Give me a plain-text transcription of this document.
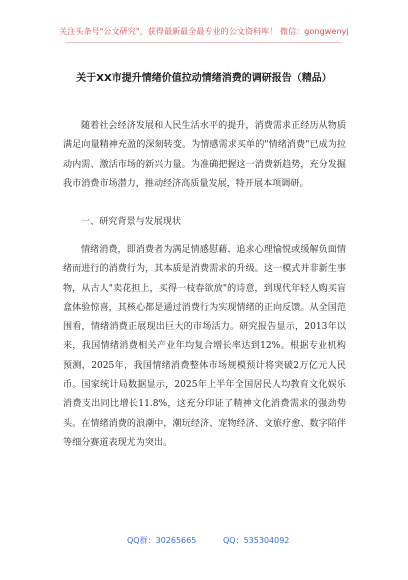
关注头条号"公文研究"，获得最新最全最专业的公文资料库！ 微信：gongwenyj
关于XX市提升情绪价值拉动情绪消费的调研报告（精品）

随着社会经济发展和人民生活水平的提升，消费需求正经历从物质满足向量精神充盈的深刻转变。为情感需求买单的"情绪消费"已成为拉动内需、激活市场的新兴力量。为准确把握这一消费新趋势，充分发掘我市消费市场潜力，推动经济高质量发展，特开展本项调研。

一、研究背景与发展现状

情绪消费，即消费者为满足情感慰藉、追求心理愉悦或缓解负面情绪而进行的消费行为，其本质是消费需求的升级。这一模式并非新生事物，从古人"卖花担上，买得一枝春欲放"的诗意，到现代年轻人购买盲盒体验惊喜，其核心都是通过消费行为实现情绪的正向反馈。从全国范围看，情绪消费正展现出巨大的市场活力。研究报告显示，2013年以来，我国情绪消费相关产业年均复合增长率达到12%。根据专业机构预测，2025年，我国情绪消费整体市场规模预计将突破2万亿元人民币。国家统计局数据显示，2025年上半年全国居民人均教育文化娱乐消费支出同比增长11.8%，这充分印证了精神文化消费需求的强劲势头。在情绪消费的浪潮中，潮玩经济、宠物经济、文旅疗愈、数字陪伴等细分赛道表现尤为突出。

QQ群：30265665	QQ：535304092
